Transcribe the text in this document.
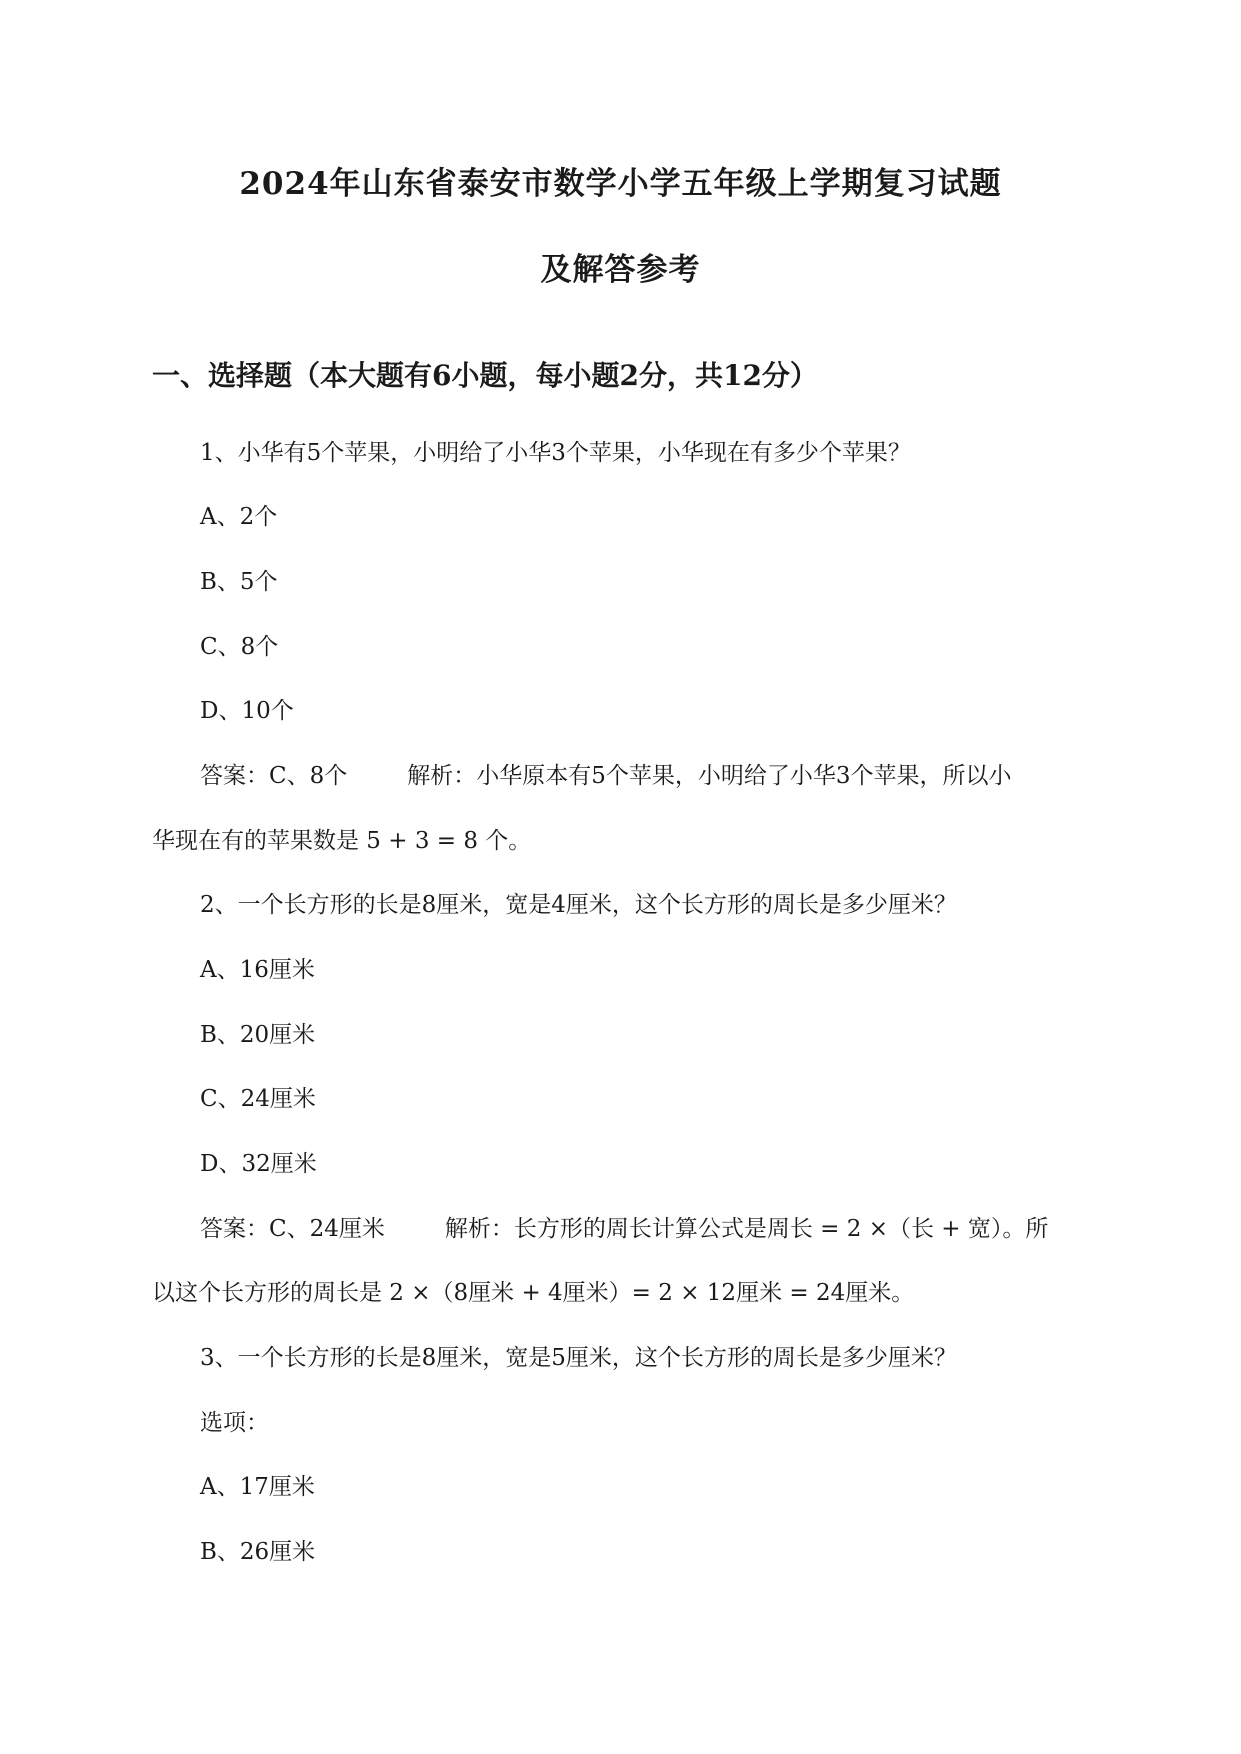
2024年山东省泰安市数学小学五年级上学期复习试题
及解答参考
一、选择题（本大题有6小题，每小题2分，共12分）
1、小华有5个苹果，小明给了小华3个苹果，小华现在有多少个苹果？
A、2个
B、5个
C、8个
D、10个
答案：C、8个	解析：小华原本有5个苹果，小明给了小华3个苹果，所以小
华现在有的苹果数是 5 + 3 = 8 个。
2、一个长方形的长是8厘米，宽是4厘米，这个长方形的周长是多少厘米？
A、16厘米
B、20厘米
C、24厘米
D、32厘米
答案：C、24厘米	解析：长方形的周长计算公式是周长 = 2 ×（长 + 宽）。所
以这个长方形的周长是 2 ×（8厘米 + 4厘米）= 2 × 12厘米 = 24厘米。
3、一个长方形的长是8厘米，宽是5厘米，这个长方形的周长是多少厘米？
选项：
A、17厘米
B、26厘米
